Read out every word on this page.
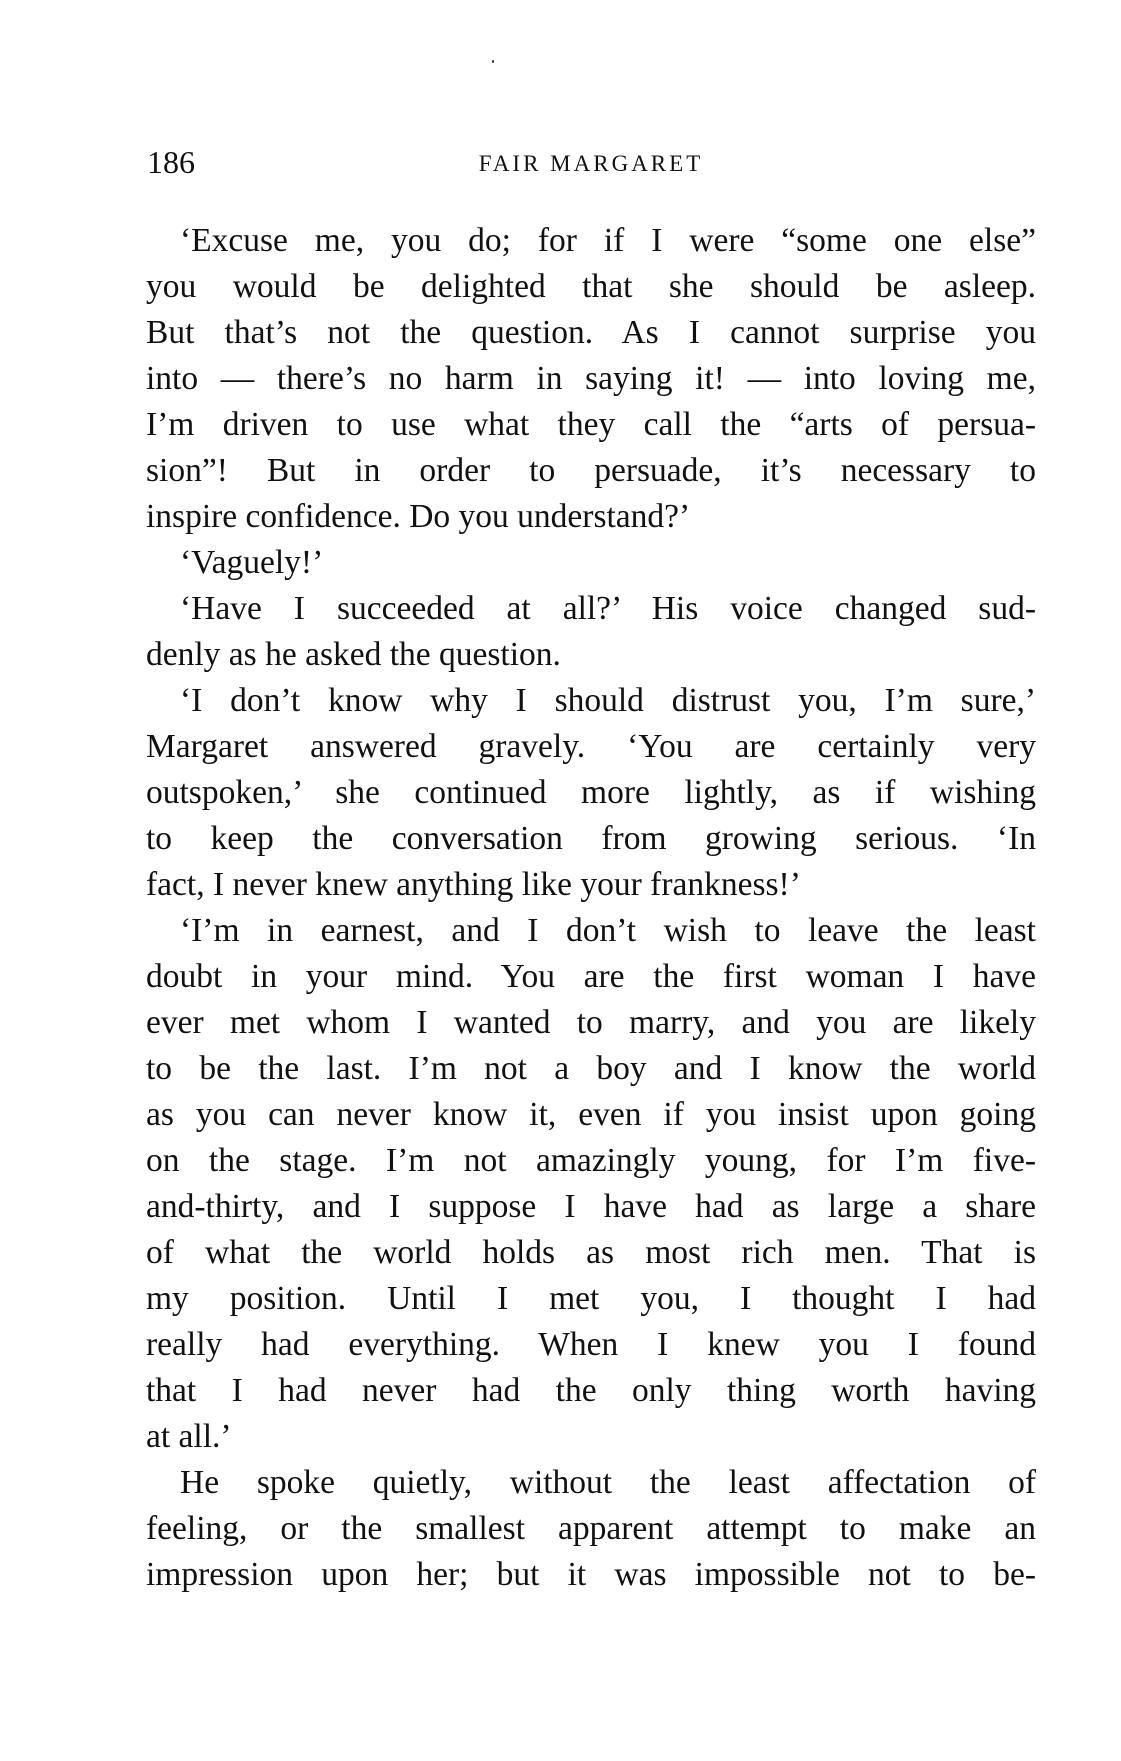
186	FAIR MARGARET
‘Excuse me, you do; for if I were “some one else”
you would be delighted that she should be asleep.
But that’s not the question. As I cannot surprise you
into — there’s no harm in saying it! — into loving me,
I’m driven to use what they call the “arts of persua-
sion”! But in order to persuade, it’s necessary to
inspire confidence. Do you understand?’
‘Vaguely!’
‘Have I succeeded at all?’ His voice changed sud-
denly as he asked the question.
‘I don’t know why I should distrust you, I’m sure,’
Margaret answered gravely. ‘You are certainly very
outspoken,’ she continued more lightly, as if wishing
to keep the conversation from growing serious. ‘In
fact, I never knew anything like your frankness!’
‘I’m in earnest, and I don’t wish to leave the least
doubt in your mind. You are the first woman I have
ever met whom I wanted to marry, and you are likely
to be the last. I’m not a boy and I know the world
as you can never know it, even if you insist upon going
on the stage. I’m not amazingly young, for I’m five-
and-thirty, and I suppose I have had as large a share
of what the world holds as most rich men. That is
my position. Until I met you, I thought I had
really had everything. When I knew you I found
that I had never had the only thing worth having
at all.’
He spoke quietly, without the least affectation of
feeling, or the smallest apparent attempt to make an
impression upon her; but it was impossible not to be-
